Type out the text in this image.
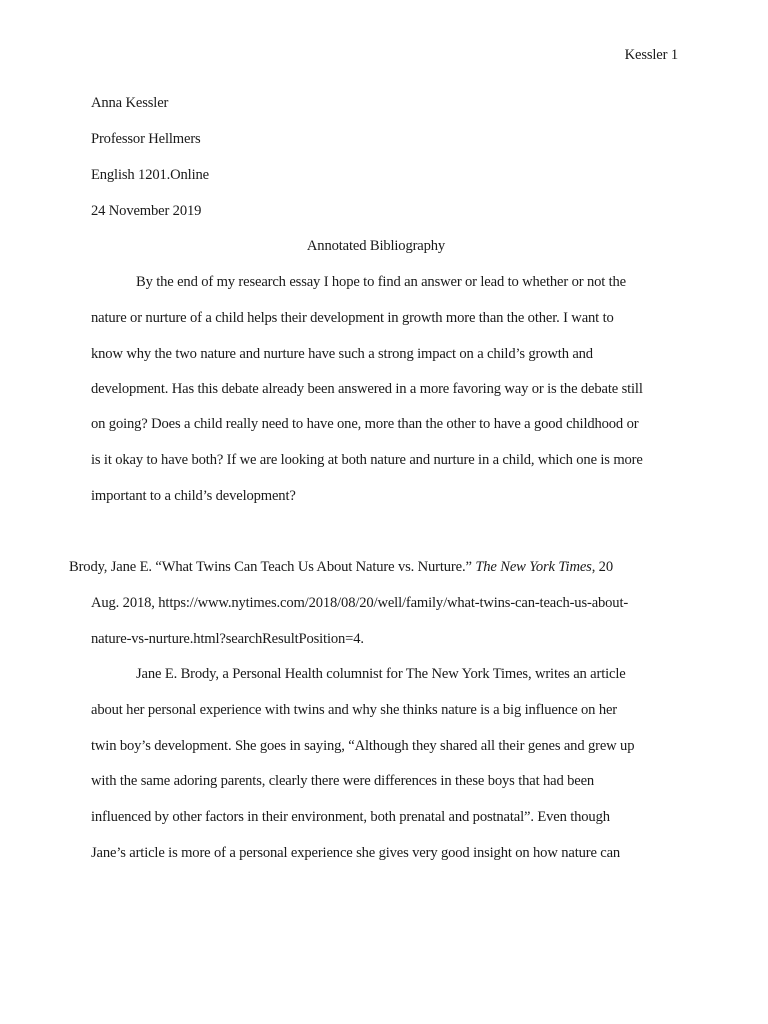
Kessler 1
Anna Kessler
Professor Hellmers
English 1201.Online
24 November 2019
Annotated Bibliography
By the end of my research essay I hope to find an answer or lead to whether or not the
nature or nurture of a child helps their development in growth more than the other. I want to
know why the two nature and nurture have such a strong impact on a child’s growth and
development. Has this debate already been answered in a more favoring way or is the debate still
on going? Does a child really need to have one, more than the other to have a good childhood or
is it okay to have both? If we are looking at both nature and nurture in a child, which one is more
important to a child’s development?
Brody, Jane E. “What Twins Can Teach Us About Nature vs. Nurture.” The New York Times, 20
Aug. 2018, https://www.nytimes.com/2018/08/20/well/family/what-twins-can-teach-us-about-
nature-vs-nurture.html?searchResultPosition=4.
Jane E. Brody, a Personal Health columnist for The New York Times, writes an article
about her personal experience with twins and why she thinks nature is a big influence on her
twin boy’s development. She goes in saying, “Although they shared all their genes and grew up
with the same adoring parents, clearly there were differences in these boys that had been
influenced by other factors in their environment, both prenatal and postnatal”. Even though
Jane’s article is more of a personal experience she gives very good insight on how nature can
